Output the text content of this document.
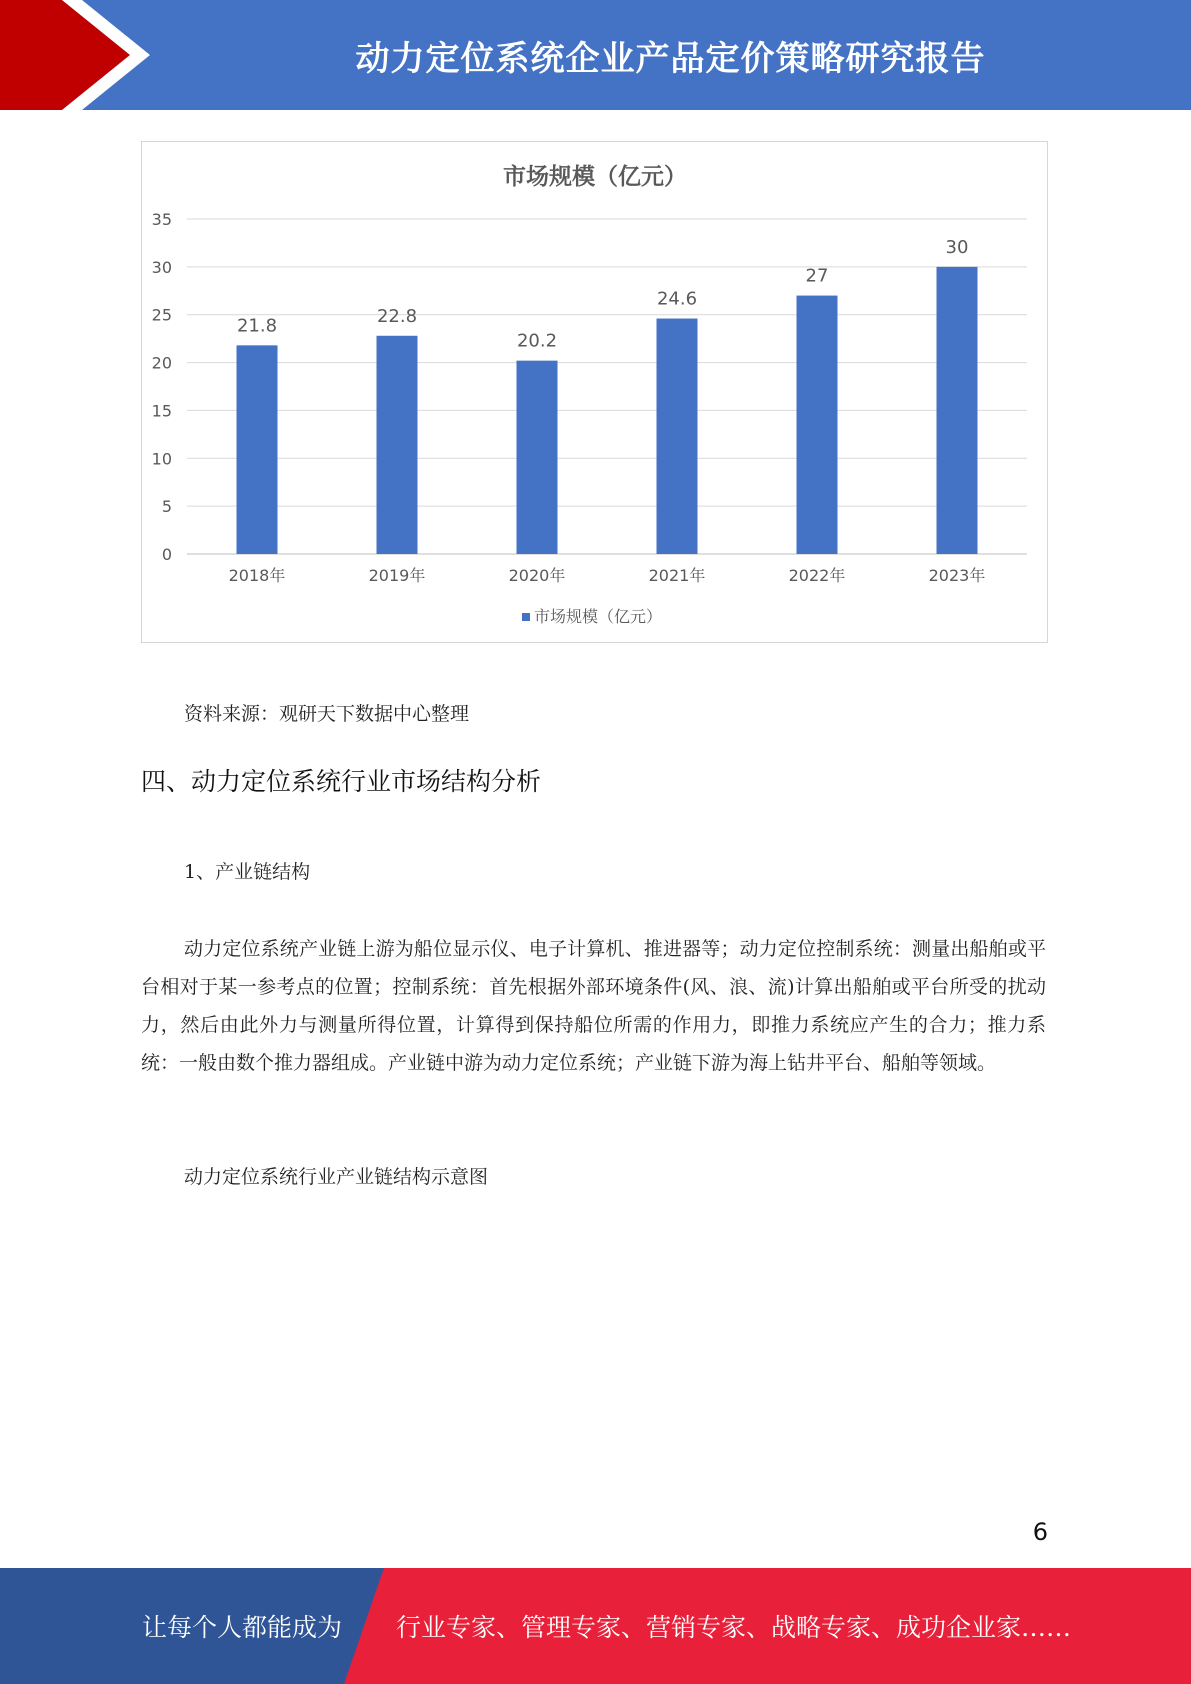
动力定位系统企业产品定价策略研究报告
市场规模（亿元）
0
5
10
15
20
25
30
35
21.8
2018年
22.8
2019年
20.2
2020年
24.6
2021年
27
2022年
30
2023年
市场规模（亿元）
资料来源：观研天下数据中心整理
四、动力定位系统行业市场结构分析
1、产业链结构
动力定位系统产业链上游为船位显示仪、电子计算机、推进器等；动力定位控制系统：测量出船舶或平台相对于某一参考点的位置；控制系统：首先根据外部环境条件(风、浪、流)计算出船舶或平台所受的扰动力，然后由此外力与测量所得位置，计算得到保持船位所需的作用力，即推力系统应产生的合力；推力系统：一般由数个推力器组成。产业链中游为动力定位系统；产业链下游为海上钻井平台、船舶等领域。
动力定位系统行业产业链结构示意图
6
让每个人都能成为 行业专家、管理专家、营销专家、战略专家、成功企业家……
